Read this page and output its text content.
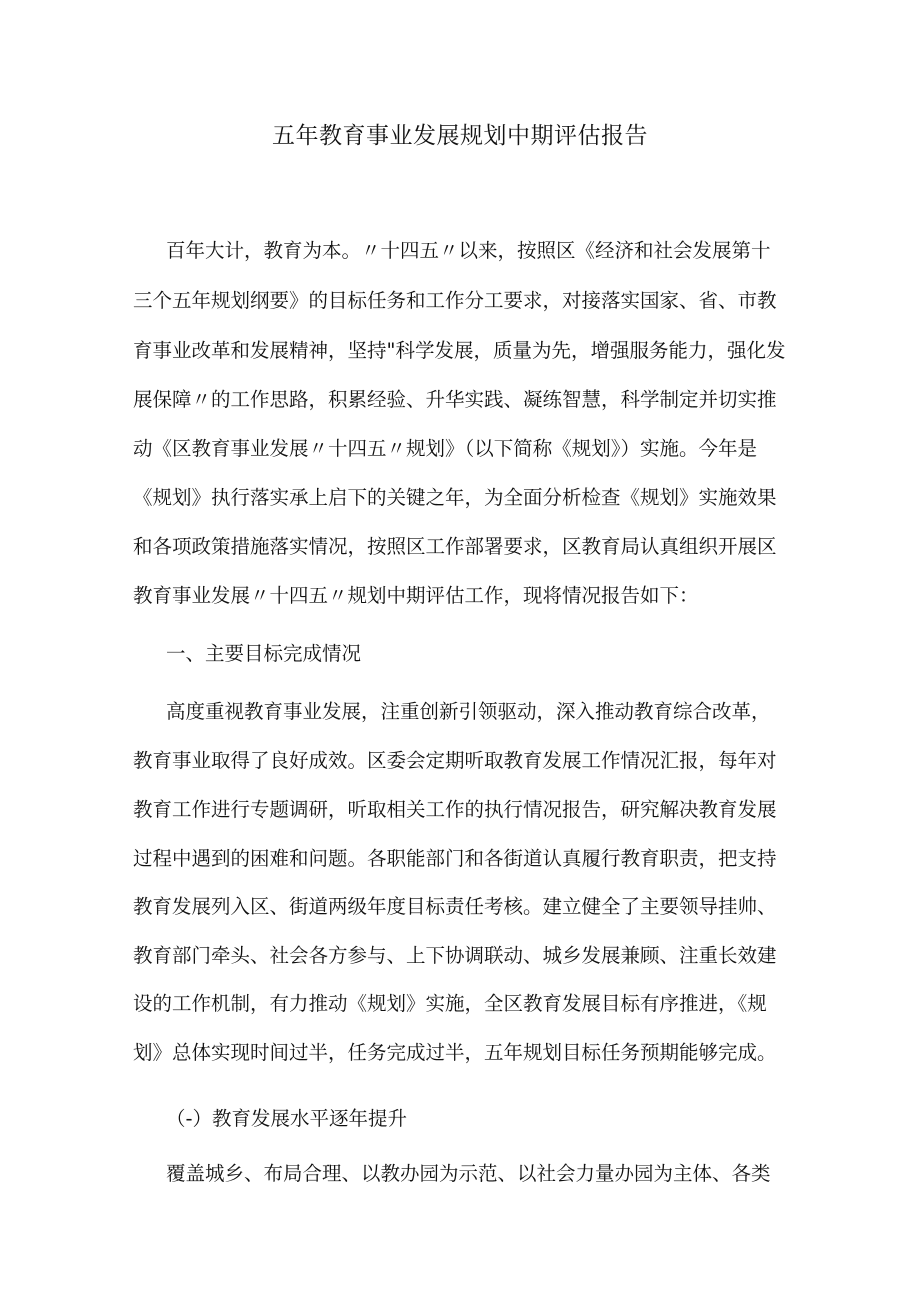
五年教育事业发展规划中期评估报告
百年大计，教育为本。〃十四五〃以来，按照区《经济和社会发展第十
三个五年规划纲要》的目标任务和工作分工要求，对接落实国家、省、市教
育事业改革和发展精神，坚持"科学发展，质量为先，增强服务能力，强化发
展保障〃的工作思路，积累经验、升华实践、凝练智慧，科学制定并切实推
动《区教育事业发展〃十四五〃规划》（以下简称《规划》）实施。今年是
《规划》执行落实承上启下的关键之年，为全面分析检查《规划》实施效果
和各项政策措施落实情况，按照区工作部署要求，区教育局认真组织开展区
教育事业发展〃十四五〃规划中期评估工作，现将情况报告如下：
一、主要目标完成情况
高度重视教育事业发展，注重创新引领驱动，深入推动教育综合改革，
教育事业取得了良好成效。区委会定期听取教育发展工作情况汇报，每年对
教育工作进行专题调研，听取相关工作的执行情况报告，研究解决教育发展
过程中遇到的困难和问题。各职能部门和各街道认真履行教育职责，把支持
教育发展列入区、街道两级年度目标责任考核。建立健全了主要领导挂帅、
教育部门牵头、社会各方参与、上下协调联动、城乡发展兼顾、注重长效建
设的工作机制，有力推动《规划》实施，全区教育发展目标有序推进，《规
划》总体实现时间过半，任务完成过半，五年规划目标任务预期能够完成。
（-）教育发展水平逐年提升
覆盖城乡、布局合理、以教办园为示范、以社会力量办园为主体、各类
